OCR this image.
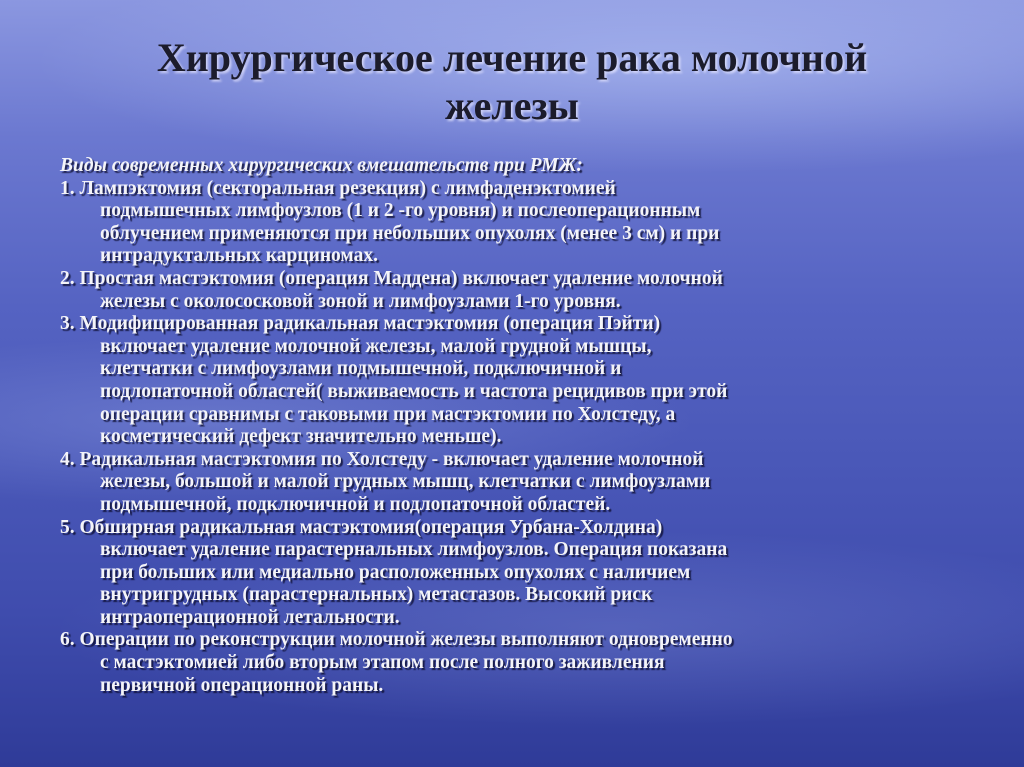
Хирургическое лечение рака молочной
железы

Виды современных хирургических вмешательств при РМЖ:

1. Лампэктомия (секторальная резекция) с лимфаденэктомией
подмышечных лимфоузлов (1 и 2 -го уровня) и послеоперационным
облучением применяются при небольших опухолях (менее 3 см) и при
интрадуктальных карциномах.
2. Простая мастэктомия (операция Маддена) включает удаление молочной
железы с околососковой зоной и лимфоузлами 1-го уровня.
3. Модифицированная радикальная мастэктомия (операция Пэйти)
включает удаление молочной железы, малой грудной мышцы,
клетчатки с лимфоузлами подмышечной, подключичной и
подлопаточной областей( выживаемость и частота рецидивов при этой
операции сравнимы с таковыми при мастэктомии по Холстеду, а
косметический дефект значительно меньше).
4. Радикальная мастэктомия по Холстеду - включает удаление молочной
железы, большой и малой грудных мышц, клетчатки с лимфоузлами
подмышечной, подключичной и подлопаточной областей.
5. Обширная радикальная мастэктомия(операция Урбана-Холдина)
включает удаление парастернальных лимфоузлов. Операция показана
при больших или медиально расположенных опухолях с наличием
внутригрудных (парастернальных) метастазов. Высокий риск
интраоперационной летальности.
6. Операции по реконструкции молочной железы выполняют одновременно
с мастэктомией либо вторым этапом после полного заживления
первичной операционной раны.
